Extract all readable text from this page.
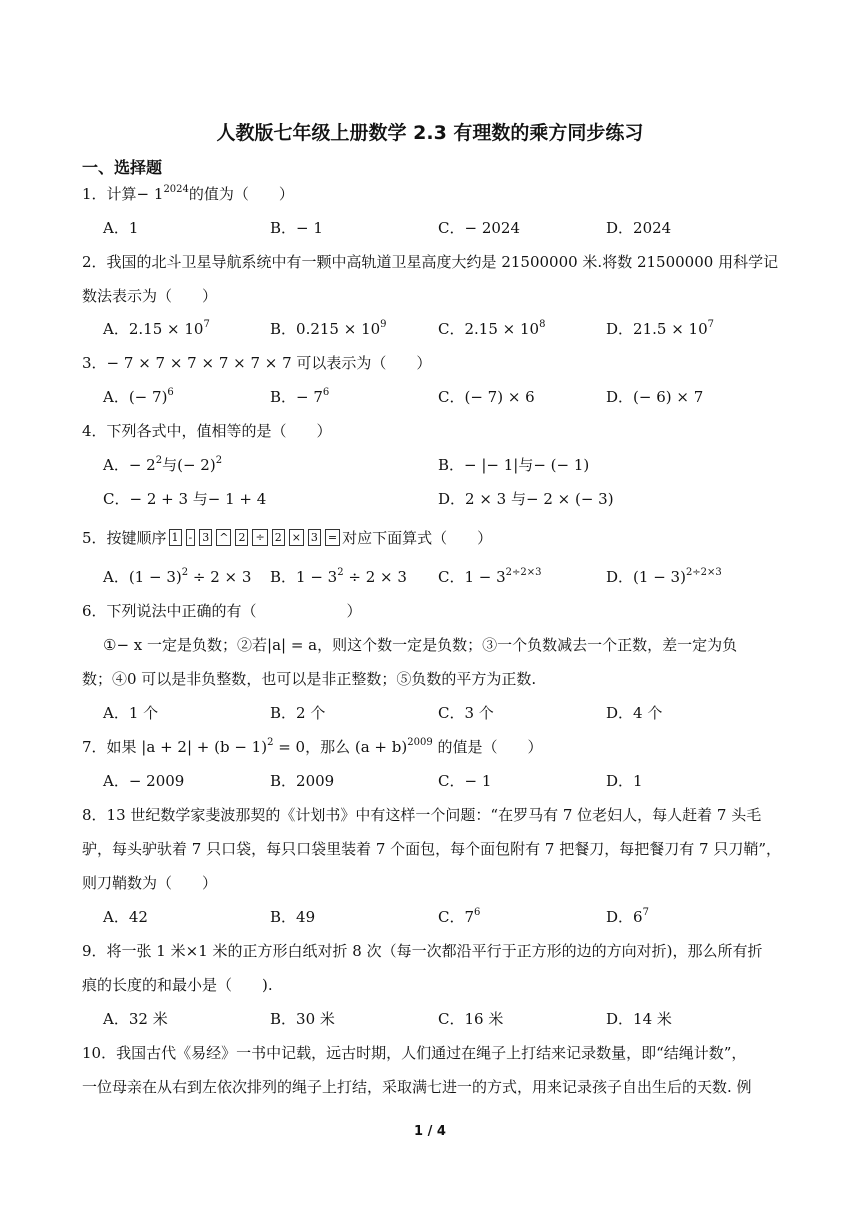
人教版七年级上册数学 2.3 有理数的乘方同步练习
一、选择题
1．计算− $1^{2024}$的值为（　　）
A．1	B．− 1	C．− 2024	D．2024
2．我国的北斗卫星导航系统中有一颗中高轨道卫星高度大约是 21500000 米.将数 21500000 用科学记
数法表示为（　　）
A．$2.15 \times 10^7$	B．$0.215 \times 10^9$	C．$2.15 \times 10^8$	D．$21.5 \times 10^7$
3．− 7 × 7 × 7 × 7 × 7 × 7 可以表示为（　　）
A．(− 7)$^6$	B．− $7^6$	C．(− 7) × 6	D．(− 6) × 7
4．下列各式中，值相等的是（　　）
A．− $2^2$与(− 2)$^2$	B．− |− 1|与− (− 1)
C．− 2 + 3 与− 1 + 4	D．2 × 3 与− 2 × (− 3)
5．按键顺序 1 - 3 ^ 2 ÷ 2 × 3 = 对应下面算式（　　）
A．$(1 - 3)^2 \div 2 \times 3$ B．$1 - 3^2 \div 2 \times 3$ C．$1 - 3^{2\div 2\times 3}$	D．$(1 - 3)^{2\div 2\times 3}$
6．下列说法中正确的有（　　　　　　）
①− x 一定是负数；②若|a| = a，则这个数一定是负数；③一个负数减去一个正数，差一定为负
数；④0 可以是非负整数，也可以是非正整数；⑤负数的平方为正数.
A．1 个	B．2 个	C．3 个	D．4 个
7．如果 $|a + 2| + (b - 1)^2 = 0$，那么 $(a + b)^{2009}$ 的值是（　　）
A．− 2009	B．2009	C．− 1	D．1
8．13 世纪数学家斐波那契的《计划书》中有这样一个问题：“在罗马有 7 位老妇人，每人赶着 7 头毛
驴，每头驴驮着 7 只口袋，每只口袋里装着 7 个面包，每个面包附有 7 把餐刀，每把餐刀有 7 只刀鞘”，
则刀鞘数为（　　）
A．42	B．49	C．$7^6$	D．$6^7$
9．将一张 1 米×1 米的正方形白纸对折 8 次（每一次都沿平行于正方形的边的方向对折)，那么所有折
痕的长度的和最小是（　　).
A．32 米	B．30 米	C．16 米	D．14 米
10．我国古代《易经》一书中记载，远古时期，人们通过在绳子上打结来记录数量，即“结绳计数”，
一位母亲在从右到左依次排列的绳子上打结，采取满七进一的方式，用来记录孩子自出生后的天数. 例
1 / 4
